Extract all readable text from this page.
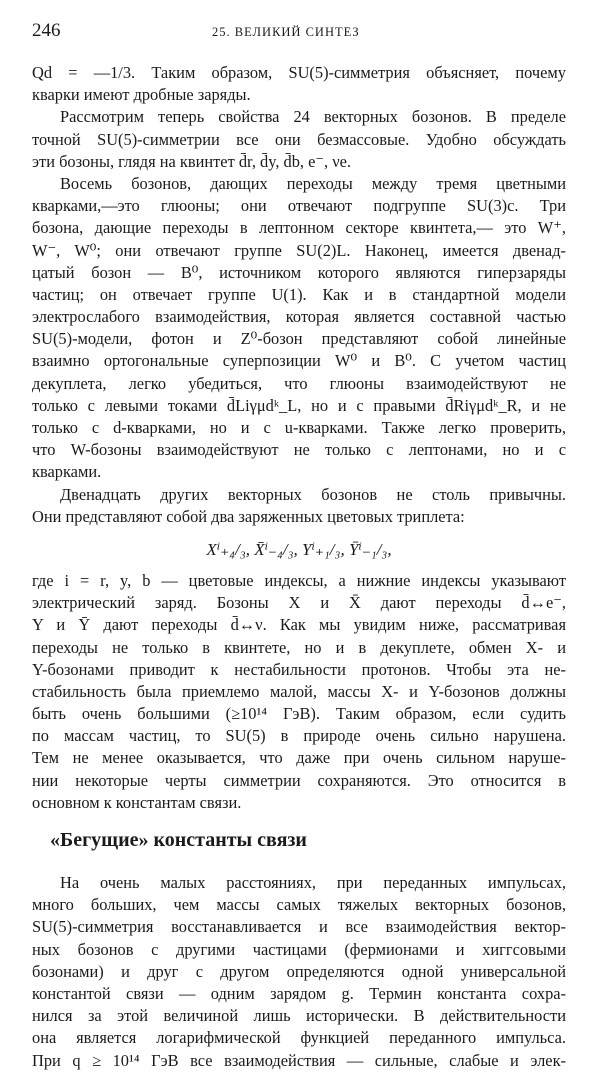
246	25. ВЕЛИКИЙ СИНТЕЗ
Qd = —1/3. Таким образом, SU(5)-симметрия объясняет, почему
кварки имеют дробные заряды.
Рассмотрим теперь свойства 24 векторных бозонов. В пределе
точной SU(5)-симметрии все они безмассовые. Удобно обсуждать
эти бозоны, глядя на квинтет d̄r, d̄y, d̄b, e⁻, νe.
Восемь бозонов, дающих переходы между тремя цветными
кварками,—это глюоны; они отвечают подгруппе SU(3)c. Три
бозона, дающие переходы в лептонном секторе квинтета,— это W⁺,
W⁻, W⁰; они отвечают группе SU(2)L. Наконец, имеется двенад-
цатый бозон — B⁰, источником которого являются гиперзаряды
частиц; он отвечает группе U(1). Как и в стандартной модели
электрослабого взаимодействия, которая является составной частью
SU(5)-модели, фотон и Z⁰-бозон представляют собой линейные
взаимно ортогональные суперпозиции W⁰ и B⁰. С учетом частиц
декуплета, легко убедиться, что глюоны взаимодействуют не
только с левыми токами d̄Liγμdᵏ_L, но и с правыми d̄Riγμdᵏ_R, и не
только с d-кварками, но и с u-кварками. Также легко проверить,
что W-бозоны взаимодействуют не только с лептонами, но и с
кварками.
Двенадцать других векторных бозонов не столь привычны.
Они представляют собой два заряженных цветовых триплета:
Xⁱ₊₄/₃, X̄ⁱ₋₄/₃, Yⁱ₊₁/₃, Ȳⁱ₋₁/₃,
где i = r, y, b — цветовые индексы, а нижние индексы указывают
электрический заряд. Бозоны X и X̄ дают переходы d̄↔e⁻,
Y и Ȳ дают переходы d̄↔ν. Как мы увидим ниже, рассматривая
переходы не только в квинтете, но и в декуплете, обмен X- и
Y-бозонами приводит к нестабильности протонов. Чтобы эта не-
стабильность была приемлемо малой, массы X- и Y-бозонов должны
быть очень большими (≥10¹⁴ ГэВ). Таким образом, если судить
по массам частиц, то SU(5) в природе очень сильно нарушена.
Тем не менее оказывается, что даже при очень сильном наруше-
нии некоторые черты симметрии сохраняются. Это относится в
основном к константам связи.
«Бегущие» константы связи
На очень малых расстояниях, при переданных импульсах,
много больших, чем массы самых тяжелых векторных бозонов,
SU(5)-симметрия восстанавливается и все взаимодействия вектор-
ных бозонов с другими частицами (фермионами и хиггсовыми
бозонами) и друг с другом определяются одной универсальной
константой связи — одним зарядом g. Термин константа сохра-
нился за этой величиной лишь исторически. В действительности
она является логарифмической функцией переданного импульса.
При q ≥ 10¹⁴ ГэВ все взаимодействия — сильные, слабые и элек-
